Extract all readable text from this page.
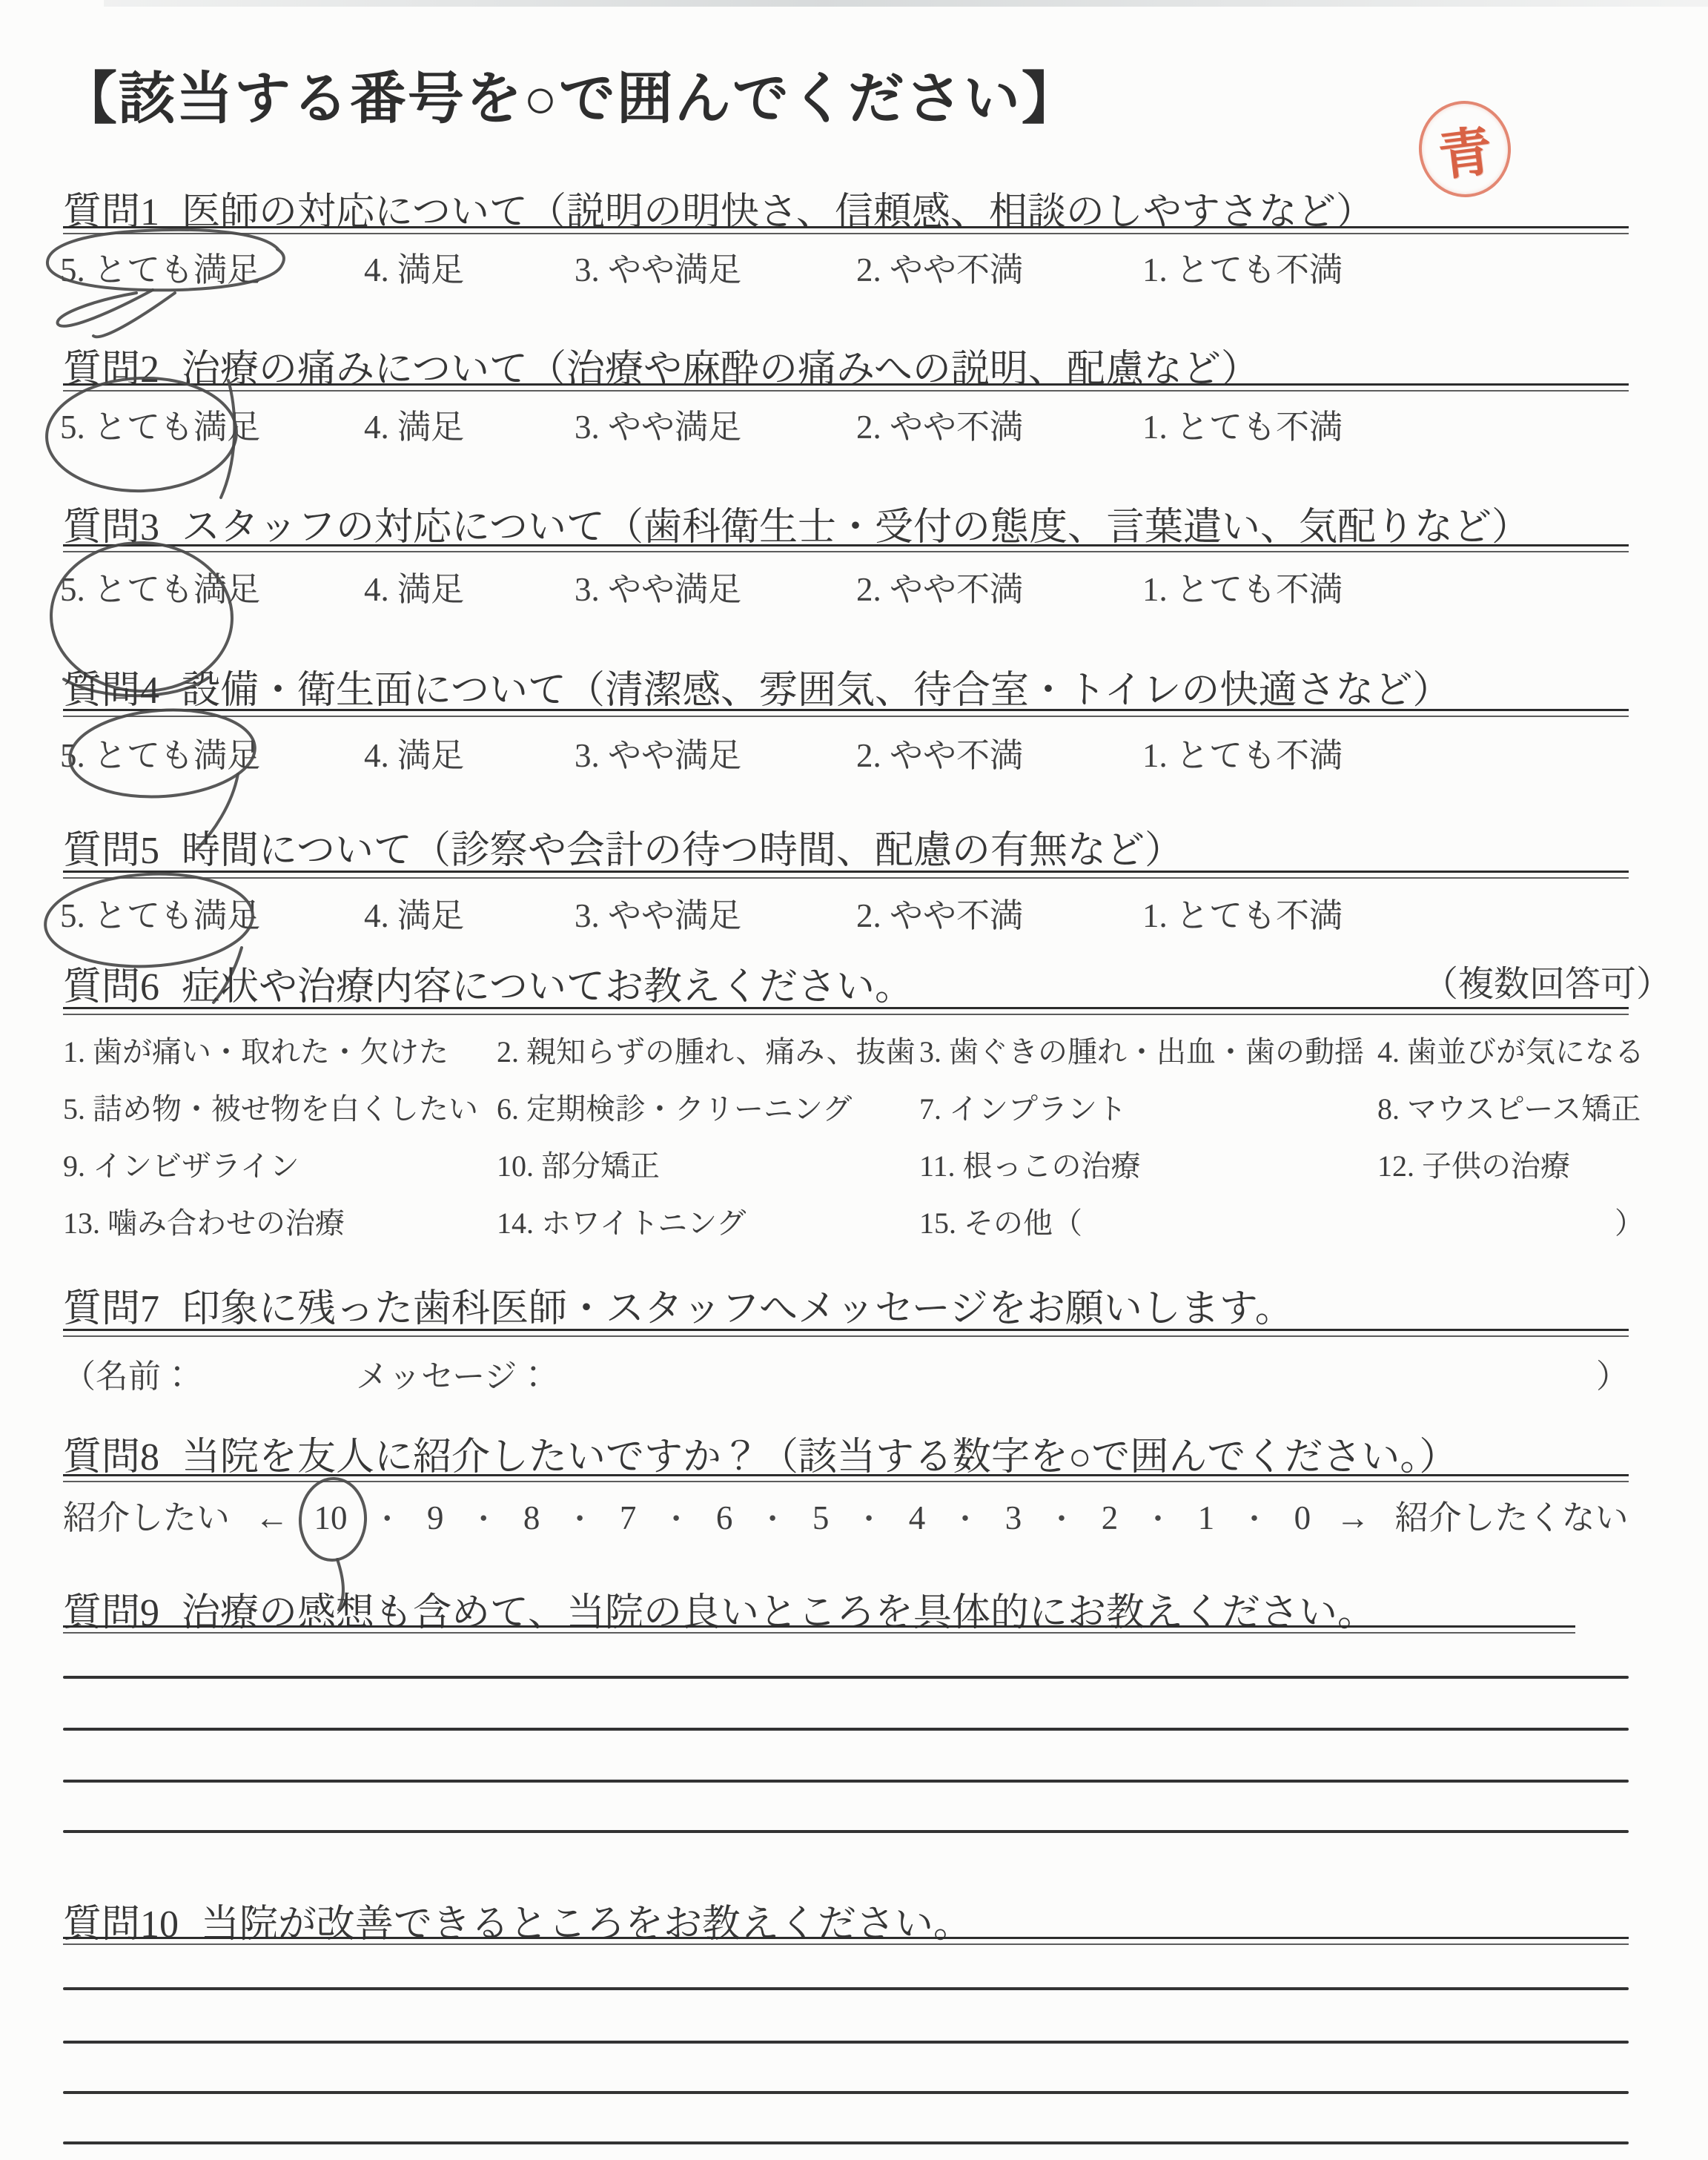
【該当する番号を○で囲んでください】
青
質問1 医師の対応について（説明の明快さ、信頼感、相談のしやすさなど）
5. とても満足	4. 満足	3. やや満足	2. やや不満	1. とても不満
質問2 治療の痛みについて（治療や麻酔の痛みへの説明、配慮など）
5. とても満足	4. 満足	3. やや満足	2. やや不満	1. とても不満
質問3 スタッフの対応について（歯科衛生士・受付の態度、言葉遣い、気配りなど）
5. とても満足	4. 満足	3. やや満足	2. やや不満	1. とても不満
質問4 設備・衛生面について（清潔感、雰囲気、待合室・トイレの快適さなど）
5. とても満足	4. 満足	3. やや満足	2. やや不満	1. とても不満
質問5 時間について（診察や会計の待つ時間、配慮の有無など）
5. とても満足	4. 満足	3. やや満足	2. やや不満	1. とても不満
質問6 症状や治療内容についてお教えください。	（複数回答可）
1. 歯が痛い・取れた・欠けた	2. 親知らずの腫れ、痛み、抜歯 3. 歯ぐきの腫れ・出血・歯の動揺 4. 歯並びが気になる
5. 詰め物・被せ物を白くしたい 6. 定期検診・クリーニング	7. インプラント	8. マウスピース矯正
9. インビザライン	10. 部分矯正	11. 根っこの治療	12. 子供の治療
13. 噛み合わせの治療	14. ホワイトニング	15. その他（	）
質問7 印象に残った歯科医師・スタッフへメッセージをお願いします。
（名前：	メッセージ：	）
質問8 当院を友人に紹介したいですか？（該当する数字を○で囲んでください。）
紹介したい ← 10 ・ 9 ・ 8 ・ 7 ・ 6 ・ 5 ・ 4 ・ 3 ・ 2 ・ 1 ・ 0 → 紹介したくない
質問9 治療の感想も含めて、当院の良いところを具体的にお教えください。
質問10 当院が改善できるところをお教えください。
